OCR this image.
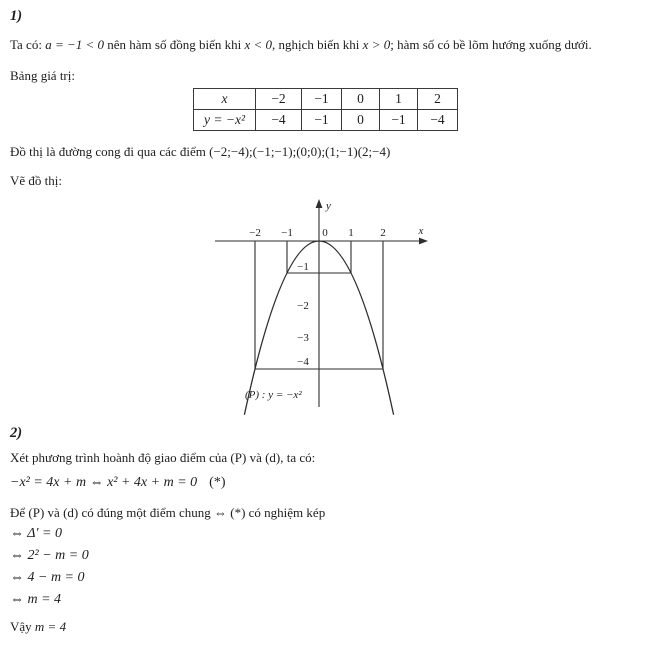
1)

Ta có: a = −1 < 0 nên hàm số đồng biến khi x < 0, nghịch biến khi x > 0; hàm số có bề lõm hướng xuống dưới.

Bảng giá trị:

x	−2	−1	0	1	2
y = −x²	−4	−1	0	−1	−4

Đồ thị là đường cong đi qua các điểm (−2;−4);(−1;−1);(0;0);(1;−1)(2;−4)

Vẽ đồ thị:

−2 −1	0 1 2
−1
−2
−3
−4
x
y
(P) : y = −x²

2)

Xét phương trình hoành độ giao điểm của (P) và (d), ta có:

−x² = 4x + m ⇔ x² + 4x + m = 0 (*)

Để (P) và (d) có đúng một điểm chung ⇔ (*) có nghiệm kép

⇔ Δ′ = 0

⇔ 2² − m = 0

⇔ 4 − m = 0

⇔ m = 4

Vậy m = 4
